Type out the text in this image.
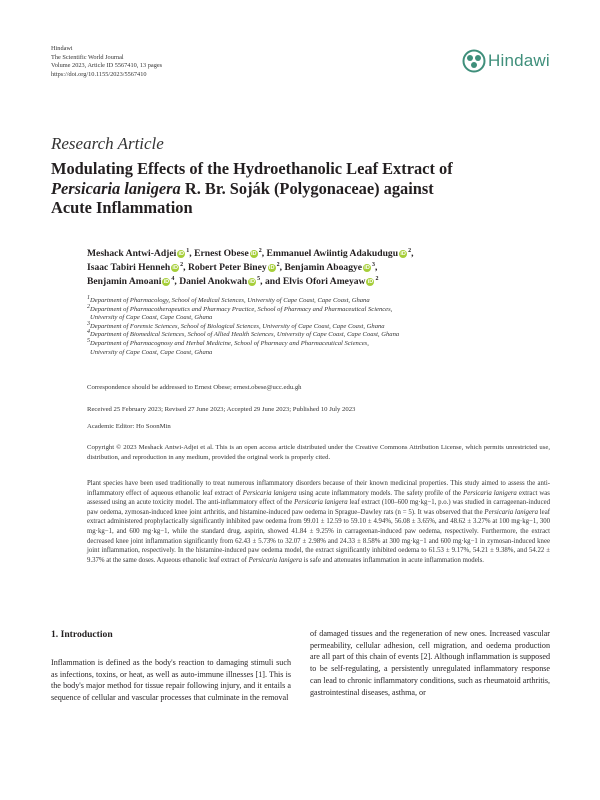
Hindawi
The Scientific World Journal
Volume 2023, Article ID 5567410, 13 pages
https://doi.org/10.1155/2023/5567410
Hindawi
Research Article
Modulating Effects of the Hydroethanolic Leaf Extract of
Persicaria lanigera R. Br. Soják (Polygonaceae) against
Acute Inflammation
Meshack Antwi-Adjei iD $^1$, Ernest Obese iD $^2$, Emmanuel Awiintig Adakudugu iD $^2$,
Isaac Tabiri Henneh iD $^2$, Robert Peter Biney iD $^2$, Benjamin Aboagye iD $^3$,
Benjamin Amoani iD $^4$, Daniel Anokwah iD $^5$, and Elvis Ofori Ameyaw iD $^2$

$^1$Department of Pharmacology, School of Medical Sciences, University of Cape Coast, Cape Coast, Ghana

$^2$Department of Pharmacotherapeutics and Pharmacy Practice, School of Pharmacy and Pharmaceutical Sciences,

University of Cape Coast, Cape Coast, Ghana

$^3$Department of Forensic Sciences, School of Biological Sciences, University of Cape Coast, Cape Coast, Ghana

$^4$Department of Biomedical Sciences, School of Allied Health Sciences, University of Cape Coast, Cape Coast, Ghana

$^5$Department of Pharmacognosy and Herbal Medicine, School of Pharmacy and Pharmaceutical Sciences,

University of Cape Coast, Cape Coast, Ghana

Correspondence should be addressed to Ernest Obese; ernest.obese@ucc.edu.gh
Received 25 February 2023; Revised 27 June 2023; Accepted 29 June 2023; Published 10 July 2023
Academic Editor: Ho SoonMin
Copyright © 2023 Meshack Antwi-Adjei et al. This is an open access article distributed under the Creative Commons Attribution License, which permits unrestricted use, distribution, and reproduction in any medium, provided the original work is properly cited.
Plant species have been used traditionally to treat numerous inflammatory disorders because of their known medicinal properties. This study aimed to assess the anti-inflammatory effect of aqueous ethanolic leaf extract of Persicaria lanigera using acute inflammatory models. The safety profile of the Persicaria lanigera extract was assessed using an acute toxicity model. The anti-inflammatory effect of the Persicaria lanigera leaf extract (100–600 mg·kg−1, p.o.) was studied in carrageenan-induced paw oedema, zymosan-induced knee joint arthritis, and histamine-induced paw oedema in Sprague–Dawley rats (n = 5). It was observed that the Persicaria lanigera leaf extract administered prophylactically significantly inhibited paw oedema from 99.01 ± 12.59 to 59.10 ± 4.94%, 56.08 ± 3.65%, and 48.62 ± 3.27% at 100 mg·kg−1, 300 mg·kg−1, and 600 mg·kg−1, while the standard drug, aspirin, showed 41.84 ± 9.25% in carrageenan-induced paw oedema, respectively. Furthermore, the extract decreased knee joint inflammation significantly from 62.43 ± 5.73% to 32.07 ± 2.98% and 24.33 ± 8.58% at 300 mg·kg−1 and 600 mg·kg−1 in zymosan-induced knee joint inflammation, respectively. In the histamine-induced paw oedema model, the extract significantly inhibited oedema to 61.53 ± 9.17%, 54.21 ± 9.38%, and 54.22 ± 9.37% at the same doses. Aqueous ethanolic leaf extract of Persicaria lanigera is safe and attenuates inflammation in acute inflammation models.
1. Introduction
Inflammation is defined as the body's reaction to damaging stimuli such as infections, toxins, or heat, as well as auto-immune illnesses [1]. This is the body's major method for tissue repair following injury, and it entails a sequence of cellular and vascular processes that culminate in the removal
of damaged tissues and the regeneration of new ones. Increased vascular permeability, cellular adhesion, cell migration, and oedema production are all part of this chain of events [2]. Although inflammation is supposed to be self-regulating, a persistently unregulated inflammatory response can lead to chronic inflammatory conditions, such as rheumatoid arthritis, gastrointestinal diseases, asthma, or
